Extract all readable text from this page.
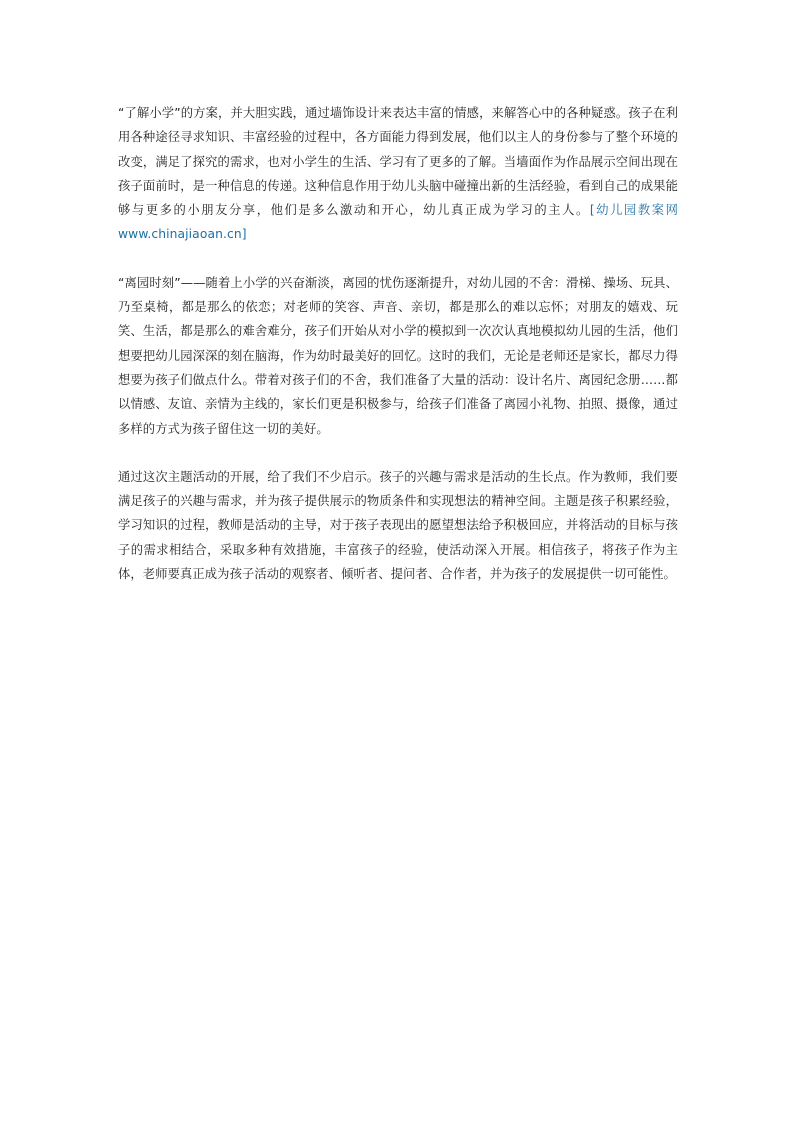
“了解小学”的方案，并大胆实践，通过墙饰设计来表达丰富的情感，来解答心中的各种疑惑。孩子在利用各种途径寻求知识、丰富经验的过程中，各方面能力得到发展，他们以主人的身份参与了整个环境的改变，满足了探究的需求，也对小学生的生活、学习有了更多的了解。当墙面作为作品展示空间出现在孩子面前时，是一种信息的传递。这种信息作用于幼儿头脑中碰撞出新的生活经验，看到自己的成果能够与更多的小朋友分享，他们是多么激动和开心，幼儿真正成为学习的主人。[幼儿园教案网 www.chinajiaoan.cn]

“离园时刻”——随着上小学的兴奋渐淡，离园的忧伤逐渐提升，对幼儿园的不舍：滑梯、操场、玩具、乃至桌椅，都是那么的依恋；对老师的笑容、声音、亲切，都是那么的难以忘怀；对朋友的嬉戏、玩笑、生活，都是那么的难舍难分，孩子们开始从对小学的模拟到一次次认真地模拟幼儿园的生活，他们想要把幼儿园深深的刻在脑海，作为幼时最美好的回忆。这时的我们，无论是老师还是家长，都尽力得想要为孩子们做点什么。带着对孩子们的不舍，我们准备了大量的活动：设计名片、离园纪念册……都以情感、友谊、亲情为主线的，家长们更是积极参与，给孩子们准备了离园小礼物、拍照、摄像，通过多样的方式为孩子留住这一切的美好。

通过这次主题活动的开展，给了我们不少启示。孩子的兴趣与需求是活动的生长点。作为教师，我们要满足孩子的兴趣与需求，并为孩子提供展示的物质条件和实现想法的精神空间。主题是孩子积累经验，学习知识的过程，教师是活动的主导，对于孩子表现出的愿望想法给予积极回应，并将活动的目标与孩子的需求相结合，采取多种有效措施，丰富孩子的经验，使活动深入开展。相信孩子，将孩子作为主体，老师要真正成为孩子活动的观察者、倾听者、提问者、合作者，并为孩子的发展提供一切可能性。
